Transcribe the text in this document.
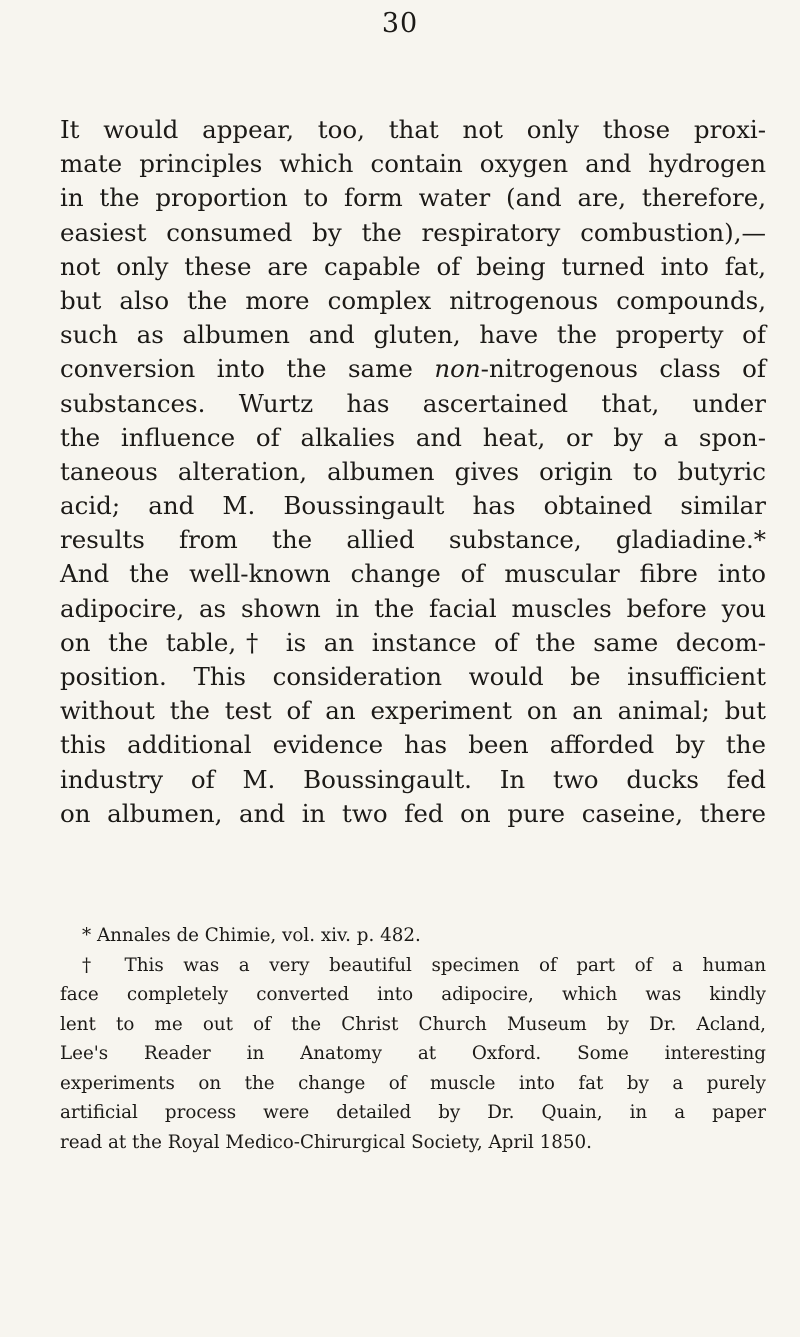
30
It would appear, too, that not only those proxi-
mate principles which contain oxygen and hydrogen
in the proportion to form water (and are, therefore,
easiest consumed by the respiratory combustion),—
not only these are capable of being turned into fat,
but also the more complex nitrogenous compounds,
such as albumen and gluten, have the property of
conversion into the same non-nitrogenous class of
substances. Wurtz has ascertained that, under
the influence of alkalies and heat, or by a spon-
taneous alteration, albumen gives origin to butyric
acid; and M. Boussingault has obtained similar
results from the allied substance, gladiadine.*
And the well-known change of muscular fibre into
adipocire, as shown in the facial muscles before you
on the table,† is an instance of the same decom-
position. This consideration would be insufficient
without the test of an experiment on an animal; but
this additional evidence has been afforded by the
industry of M. Boussingault. In two ducks fed
on albumen, and in two fed on pure caseine, there
* Annales de Chimie, vol. xiv. p. 482.
† This was a very beautiful specimen of part of a human
face completely converted into adipocire, which was kindly
lent to me out of the Christ Church Museum by Dr. Acland,
Lee's Reader in Anatomy at Oxford. Some interesting
experiments on the change of muscle into fat by a purely
artificial process were detailed by Dr. Quain, in a paper
read at the Royal Medico-Chirurgical Society, April 1850.
